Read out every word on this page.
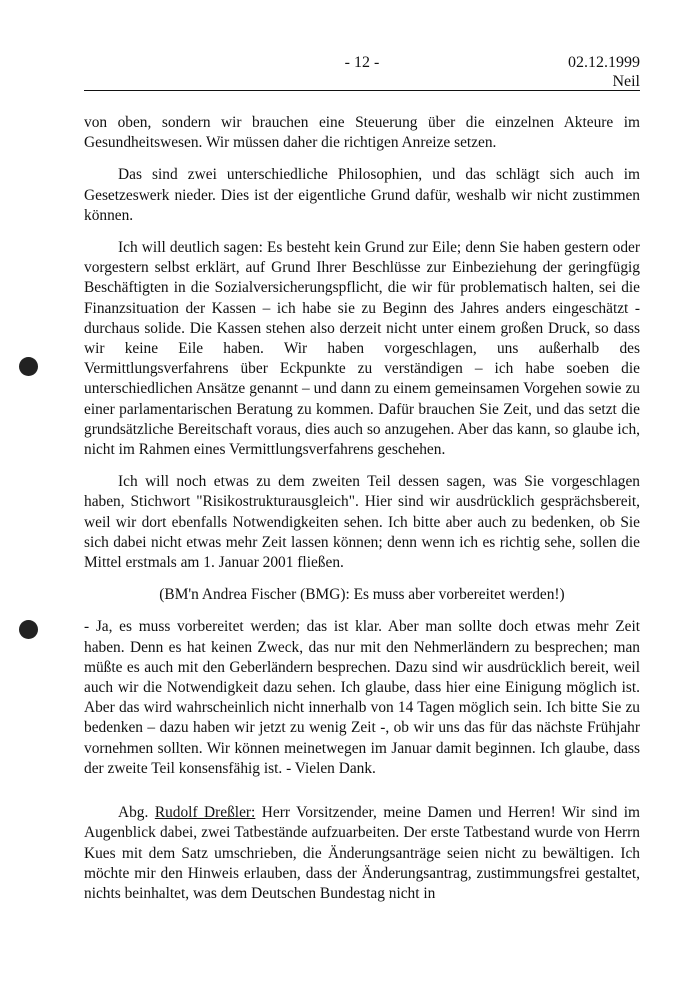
- 12 -	02.12.1999
Neil

von oben, sondern wir brauchen eine Steuerung über die einzelnen Akteure im Gesundheitswesen. Wir müssen daher die richtigen Anreize setzen.

Das sind zwei unterschiedliche Philosophien, und das schlägt sich auch im Gesetzeswerk nieder. Dies ist der eigentliche Grund dafür, weshalb wir nicht zustimmen können.

Ich will deutlich sagen: Es besteht kein Grund zur Eile; denn Sie haben gestern oder vorgestern selbst erklärt, auf Grund Ihrer Beschlüsse zur Einbeziehung der geringfügig Beschäftigten in die Sozialversicherungspflicht, die wir für problematisch halten, sei die Finanzsituation der Kassen – ich habe sie zu Beginn des Jahres anders eingeschätzt - durchaus solide. Die Kassen stehen also derzeit nicht unter einem großen Druck, so dass wir keine Eile haben. Wir haben vorgeschlagen, uns außerhalb des Vermittlungsverfahrens über Eckpunkte zu verständigen – ich habe soeben die unterschiedlichen Ansätze genannt – und dann zu einem gemeinsamen Vorgehen sowie zu einer parlamentarischen Beratung zu kommen. Dafür brauchen Sie Zeit, und das setzt die grundsätzliche Bereitschaft voraus, dies auch so anzugehen. Aber das kann, so glaube ich, nicht im Rahmen eines Vermittlungsverfahrens geschehen.

Ich will noch etwas zu dem zweiten Teil dessen sagen, was Sie vorgeschlagen haben, Stichwort "Risikostrukturausgleich". Hier sind wir ausdrücklich gesprächsbereit, weil wir dort ebenfalls Notwendigkeiten sehen. Ich bitte aber auch zu bedenken, ob Sie sich dabei nicht etwas mehr Zeit lassen können; denn wenn ich es richtig sehe, sollen die Mittel erstmals am 1. Januar 2001 fließen.

(BM'n Andrea Fischer (BMG): Es muss aber vorbereitet werden!)

- Ja, es muss vorbereitet werden; das ist klar. Aber man sollte doch etwas mehr Zeit haben. Denn es hat keinen Zweck, das nur mit den Nehmerländern zu besprechen; man müßte es auch mit den Geberländern besprechen. Dazu sind wir ausdrücklich bereit, weil auch wir die Notwendigkeit dazu sehen. Ich glaube, dass hier eine Einigung möglich ist. Aber das wird wahrscheinlich nicht innerhalb von 14 Tagen möglich sein. Ich bitte Sie zu bedenken – dazu haben wir jetzt zu wenig Zeit -, ob wir uns das für das nächste Frühjahr vornehmen sollten. Wir können meinetwegen im Januar damit beginnen. Ich glaube, dass der zweite Teil konsensfähig ist. - Vielen Dank.

Abg. Rudolf Dreßler: Herr Vorsitzender, meine Damen und Herren! Wir sind im Augenblick dabei, zwei Tatbestände aufzuarbeiten. Der erste Tatbestand wurde von Herrn Kues mit dem Satz umschrieben, die Änderungsanträge seien nicht zu bewältigen. Ich möchte mir den Hinweis erlauben, dass der Änderungsantrag, zustimmungsfrei gestaltet, nichts beinhaltet, was dem Deutschen Bundestag nicht in
